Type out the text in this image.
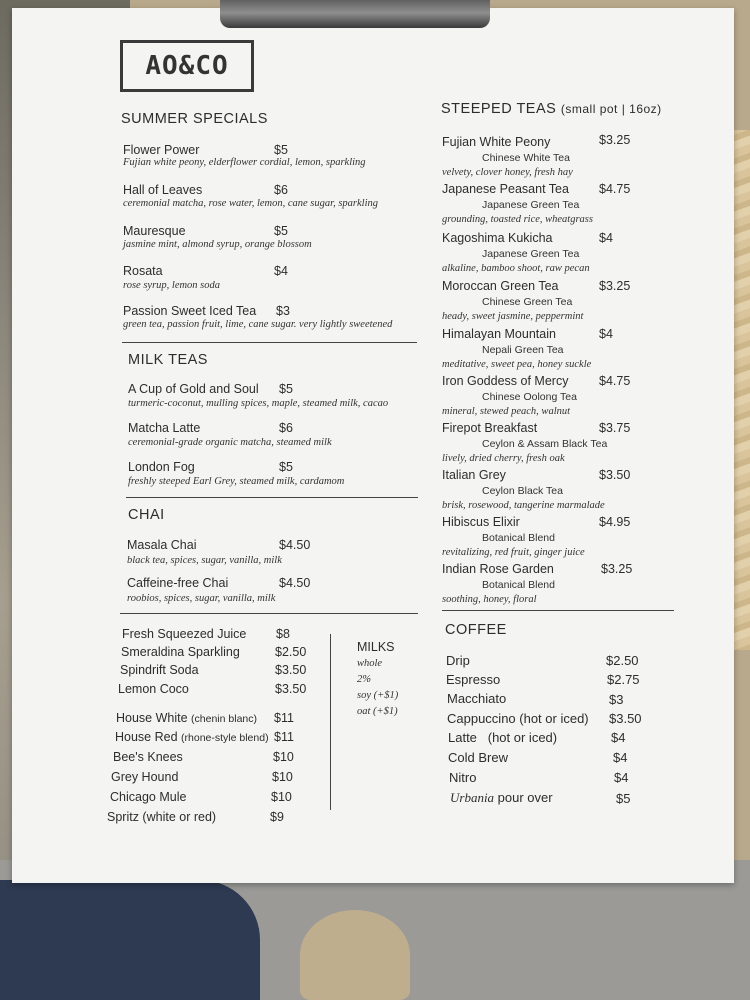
AO&CO
SUMMER SPECIALS
Flower Power	$5
Fujian white peony, elderflower cordial, lemon, sparkling
Hall of Leaves	$6
ceremonial matcha, rose water, lemon, cane sugar, sparkling
Mauresque	$5
jasmine mint, almond syrup, orange blossom
Rosata	$4
rose syrup, lemon soda
Passion Sweet Iced Tea $3
green tea, passion fruit, lime, cane sugar. very lightly sweetened
MILK TEAS
A Cup of Gold and Soul $5
turmeric-coconut, mulling spices, maple, steamed milk, cacao
Matcha Latte	$6
ceremonial-grade organic matcha, steamed milk
London Fog	$5
freshly steeped Earl Grey, steamed milk, cardamom
CHAI
Masala Chai	$4.50
black tea, spices, sugar, vanilla, milk
Caffeine-free Chai	$4.50
roobios, spices, sugar, vanilla, milk
Fresh Squeezed Juice $8
Smeraldina Sparkling	$2.50
Spindrift Soda	$3.50
Lemon Coco	$3.50
House White (chenin blanc) $11
House Red (rhone-style blend) $11
Bee's Knees	$10
Grey Hound	$10
Chicago Mule	$10
Spritz (white or red)	$9
MILKS
whole
2%
soy (+$1)
oat (+$1)
STEEPED TEAS (small pot | 16oz)
Fujian White Peony	$3.25
Chinese White Tea
velvety, clover honey, fresh hay
Japanese Peasant Tea $4.75
Japanese Green Tea
grounding, toasted rice, wheatgrass
Kagoshima Kukicha	$4
Japanese Green Tea
alkaline, bamboo shoot, raw pecan
Moroccan Green Tea	$3.25
Chinese Green Tea
heady, sweet jasmine, peppermint
Himalayan Mountain	$4
Nepali Green Tea
meditative, sweet pea, honey suckle
Iron Goddess of Mercy $4.75
Chinese Oolong Tea
mineral, stewed peach, walnut
Firepot Breakfast	$3.75
Ceylon & Assam Black Tea
lively, dried cherry, fresh oak
Italian Grey	$3.50
Ceylon Black Tea
brisk, rosewood, tangerine marmalade
Hibiscus Elixir	$4.95
Botanical Blend
revitalizing, red fruit, ginger juice
Indian Rose Garden	$3.25
Botanical Blend
soothing, honey, floral
COFFEE
Drip	$2.50
Espresso	$2.75
Macchiato	$3
Cappuccino (hot or iced) $3.50
Latte   (hot or iced)	$4
Cold Brew	$4
Nitro	$4
Urbania pour over	$5
